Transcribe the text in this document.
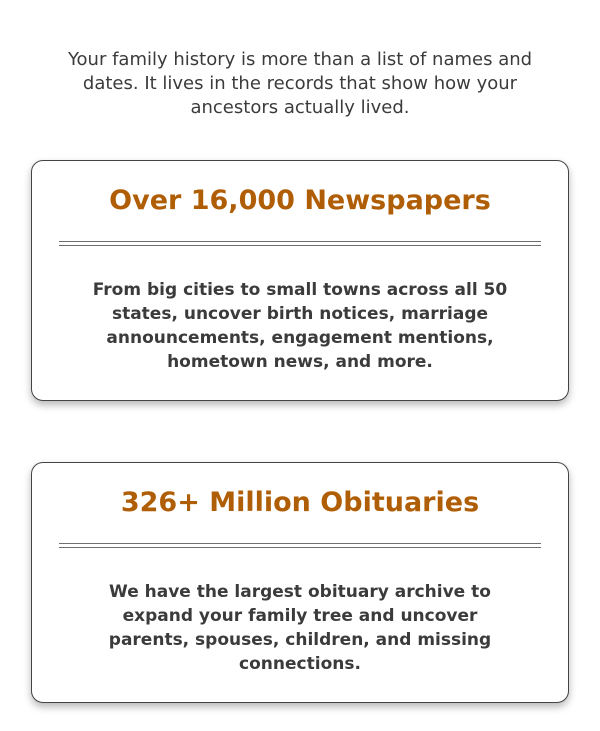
Your family history is more than a list of names and dates. It lives in the records that show how your ancestors actually lived.

Over 16,000 Newspapers
From big cities to small towns across all 50 states, uncover birth notices, marriage announcements, engagement mentions, hometown news, and more.
326+ Million Obituaries
We have the largest obituary archive to expand your family tree and uncover parents, spouses, children, and missing connections.
